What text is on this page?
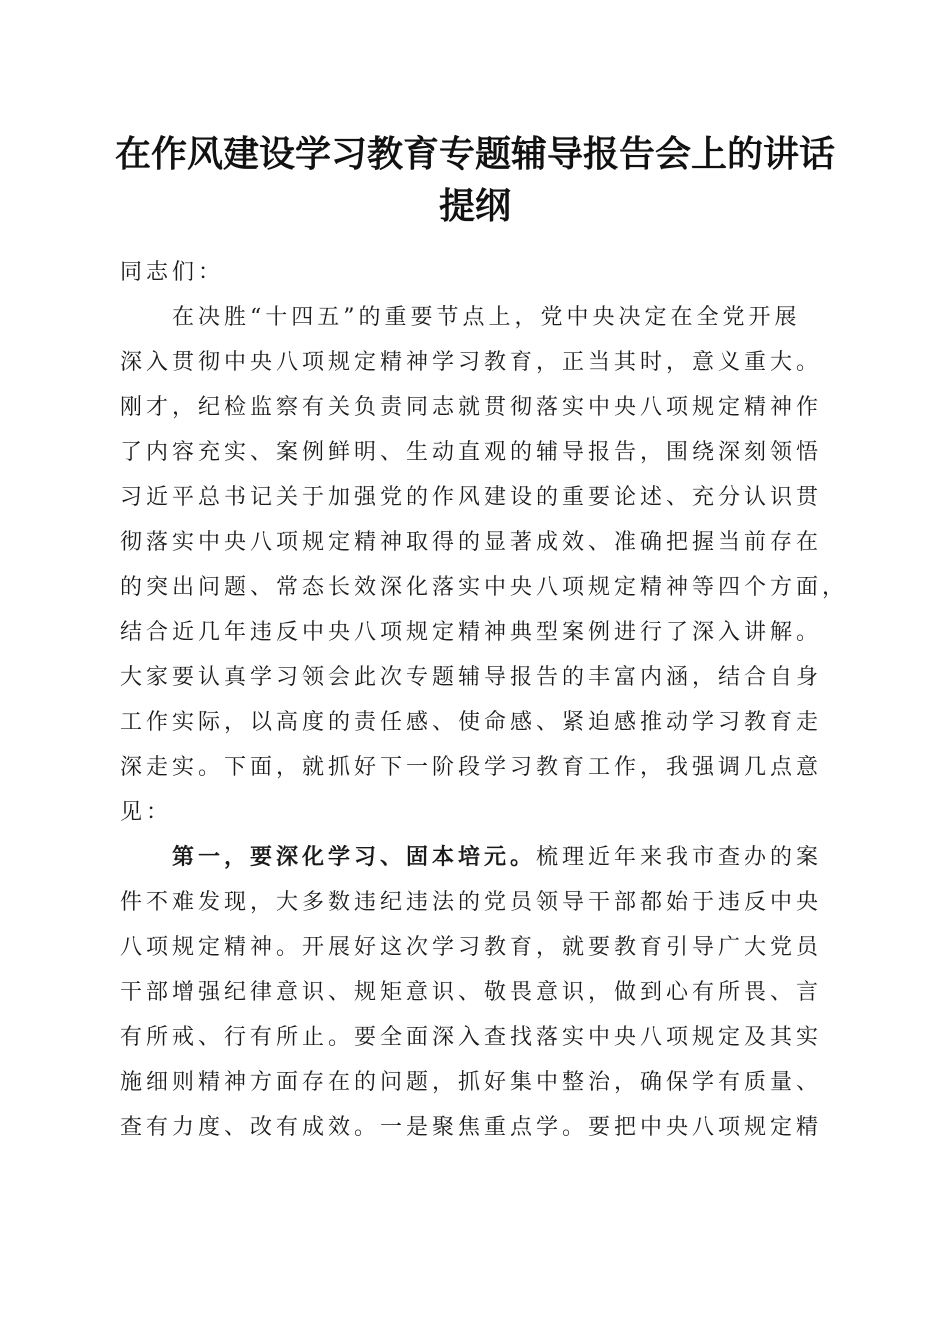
在作风建设学习教育专题辅导报告会上的讲话
提纲
同志们：
在决胜“十四五”的重要节点上，党中央决定在全党开展
深入贯彻中央八项规定精神学习教育，正当其时，意义重大。
刚才，纪检监察有关负责同志就贯彻落实中央八项规定精神作
了内容充实、案例鲜明、生动直观的辅导报告，围绕深刻领悟
习近平总书记关于加强党的作风建设的重要论述、充分认识贯
彻落实中央八项规定精神取得的显著成效、准确把握当前存在
的突出问题、常态长效深化落实中央八项规定精神等四个方面，
结合近几年违反中央八项规定精神典型案例进行了深入讲解。
大家要认真学习领会此次专题辅导报告的丰富内涵，结合自身
工作实际，以高度的责任感、使命感、紧迫感推动学习教育走
深走实。下面，就抓好下一阶段学习教育工作，我强调几点意
见：
第一，要深化学习、固本培元。梳理近年来我市查办的案
件不难发现，大多数违纪违法的党员领导干部都始于违反中央
八项规定精神。开展好这次学习教育，就要教育引导广大党员
干部增强纪律意识、规矩意识、敬畏意识，做到心有所畏、言
有所戒、行有所止。要全面深入查找落实中央八项规定及其实
施细则精神方面存在的问题，抓好集中整治，确保学有质量、
查有力度、改有成效。一是聚焦重点学。要把中央八项规定精
